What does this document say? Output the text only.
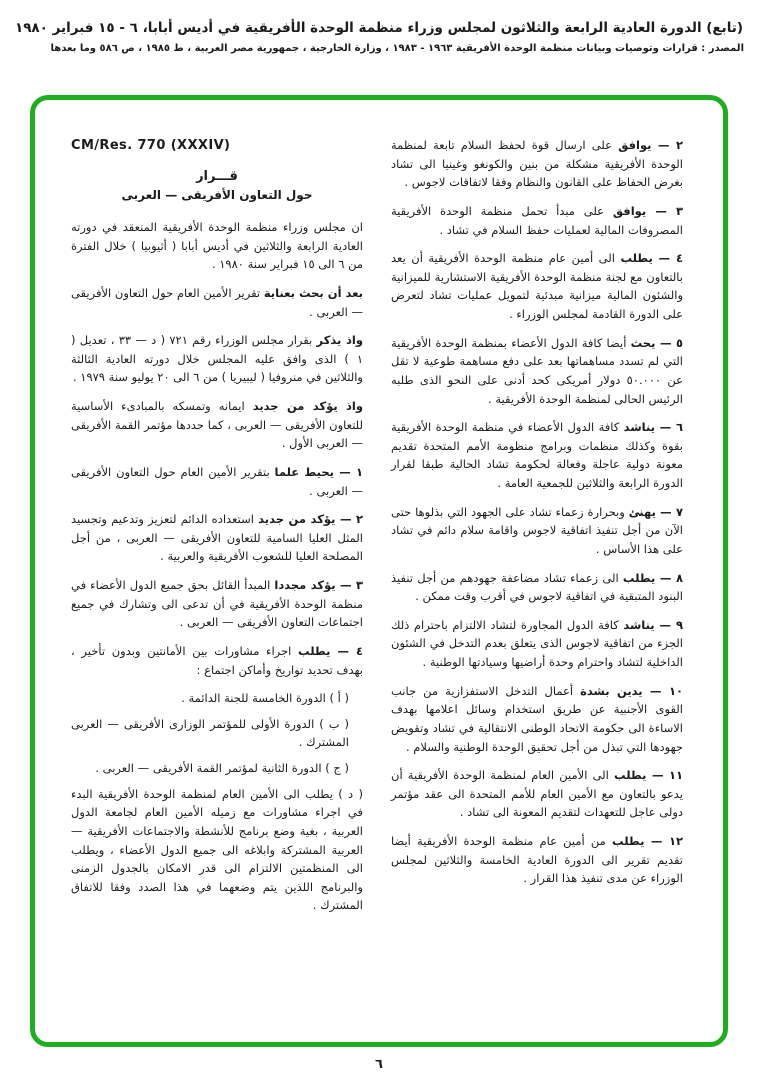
(تابع) الدورة العادية الرابعة والثلاثون لمجلس وزراء منظمة الوحدة الأفريقية في أديس أبابا، ٦ - ١٥ فبراير ١٩٨٠
المصدر : قرارات وتوصيات وبيانات منظمة الوحدة الأفريقية ١٩٦٣ - ١٩٨٣ ، وزارة الخارجية ، جمهورية مصر العربية ، ط ١٩٨٥ ، ص ٥٨٦ وما بعدها

٢ — يوافق على ارسال قوة لحفظ السلام تابعة لمنظمة الوحدة الأفريقية مشكلة من بنين والكونغو وغينيا الى تشاد بغرض الحفاظ على القانون والنظام وفقا لاتفاقات لاجوس .

٣ — يوافق على مبدأ تحمل منظمة الوحدة الأفريقية المصروفات المالية لعمليات حفظ السلام في تشاد .

٤ — يطلب الى أمين عام منظمة الوحدة الأفريقية أن يعد بالتعاون مع لجنة منظمة الوحدة الأفريقية الاستشارية للميزانية والشئون المالية ميزانية مبدئية لتمويل عمليات تشاد لتعرض على الدورة القادمة لمجلس الوزراء .

٥ — يحث أيضا كافة الدول الأعضاء بمنظمة الوحدة الأفريقية التي لم تسدد مساهماتها بعد على دفع مساهمة طوعية لا تقل عن ٥٠.٠٠٠ دولار أمريكى كحد أدنى على النحو الذى طلبه الرئيس الحالى لمنظمة الوحدة الأفريقية .

٦ — يناشد كافة الدول الأعضاء في منظمة الوحدة الأفريقية بقوة وكذلك منظمات وبرامج منظومة الأمم المتحدة تقديم معونة دولية عاجلة وفعالة لحكومة تشاد الحالية طبقا لقرار الدورة الرابعة والثلاثين للجمعية العامة .

٧ — يهنئ وبحرارة زعماء تشاد على الجهود التي بذلوها حتى الآن من أجل تنفيذ اتفاقية لاجوس واقامة سلام دائم في تشاد على هذا الأساس .

٨ — يطلب الى زعماء تشاد مضاعفة جهودهم من أجل تنفيذ البنود المتبقية في اتفاقية لاجوس في أقرب وقت ممكن .

٩ — يناشد كافة الدول المجاورة لتشاد الالتزام باحترام ذلك الجزء من اتفاقية لاجوس الذى يتعلق بعدم التدخل في الشئون الداخلية لتشاد واحترام وحدة أراضيها وسيادتها الوطنية .

١٠ — يدين بشدة أعمال التدخل الاستفزازية من جانب القوى الأجنبية عن طريق استخدام وسائل اعلامها بهدف الاساءة الى حكومة الاتحاد الوطنى الانتقالية في تشاد وتقويض جهودها التي تبذل من أجل تحقيق الوحدة الوطنية والسلام .

١١ — يطلب الى الأمين العام لمنظمة الوحدة الأفريقية أن يدعو بالتعاون مع الأمين العام للأمم المتحدة الى عقد مؤتمر دولى عاجل للتعهدات لتقديم المعونة الى تشاد .

١٢ — يطلب من أمين عام منظمة الوحدة الأفريقية أيضا تقديم تقرير الى الدورة العادية الخامسة والثلاثين لمجلس الوزراء عن مدى تنفيذ هذا القرار .

CM/Res. 770 (XXXIV)
قـــرار
حول التعاون الأفريقى — العربى

ان مجلس وزراء منظمة الوحدة الأفريقية المنعقد في دورته العادية الرابعة والثلاثين في أديس أبابا ( أثيوبيا ) خلال الفترة من ٦ الى ١٥ فبراير سنة ١٩٨٠ .

بعد أن بحث بعناية تقرير الأمين العام حول التعاون الأفريقى — العربى .

واذ يذكر بقرار مجلس الوزراء رقم ٧٢١ ( د — ٣٣ ، تعديل ( ١ ) الذى وافق عليه المجلس خلال دورته العادية الثالثة والثلاثين في منروفيا ( ليبيريا ) من ٦ الى ٢٠ يوليو سنة ١٩٧٩ .

واذ يؤكد من جديد ايمانه وتمسكه بالمبادىء الأساسية للتعاون الأفريقى — العربى ، كما حددها مؤتمر القمة الأفريقى — العربى الأول .

١ — يحيط علما بتقرير الأمين العام حول التعاون الأفريقى — العربى .

٢ — يؤكد من جديد استعداده الدائم لتعزيز وتدعيم وتجسيد المثل العليا السامية للتعاون الأفريقى — العربى ، من أجل المصلحة العليا للشعوب الأفريقية والعربية .

٣ — يؤكد مجددا المبدأ القائل بحق جميع الدول الأعضاء في منظمة الوحدة الأفريقية في أن تدعى الى وتشارك في جميع اجتماعات التعاون الأفريقى — العربى .

٤ — يطلب اجراء مشاورات بين الأمانتين وبدون تأخير ، بهدف تحديد تواريخ وأماكن اجتماع :

( أ ) الدورة الخامسة للجنة الدائمة .

( ب ) الدورة الأولى للمؤتمر الوزارى الأفريقى — العربى المشترك .

( ج ) الدورة الثانية لمؤتمر القمة الأفريقى — العربى .

( د ) يطلب الى الأمين العام لمنظمة الوحدة الأفريقية البدء في اجراء مشاورات مع زميله الأمين العام لجامعة الدول العربية ، بغية وضع برنامج للأنشطة والاجتماعات الأفريقية — العربية المشتركة وابلاغه الى جميع الدول الأعضاء ، ويطلب الى المنظمتين الالتزام الى قدر الامكان بالجدول الزمنى والبرنامج اللذين يتم وضعهما في هذا الصدد وفقا للاتفاق المشترك .

٦
